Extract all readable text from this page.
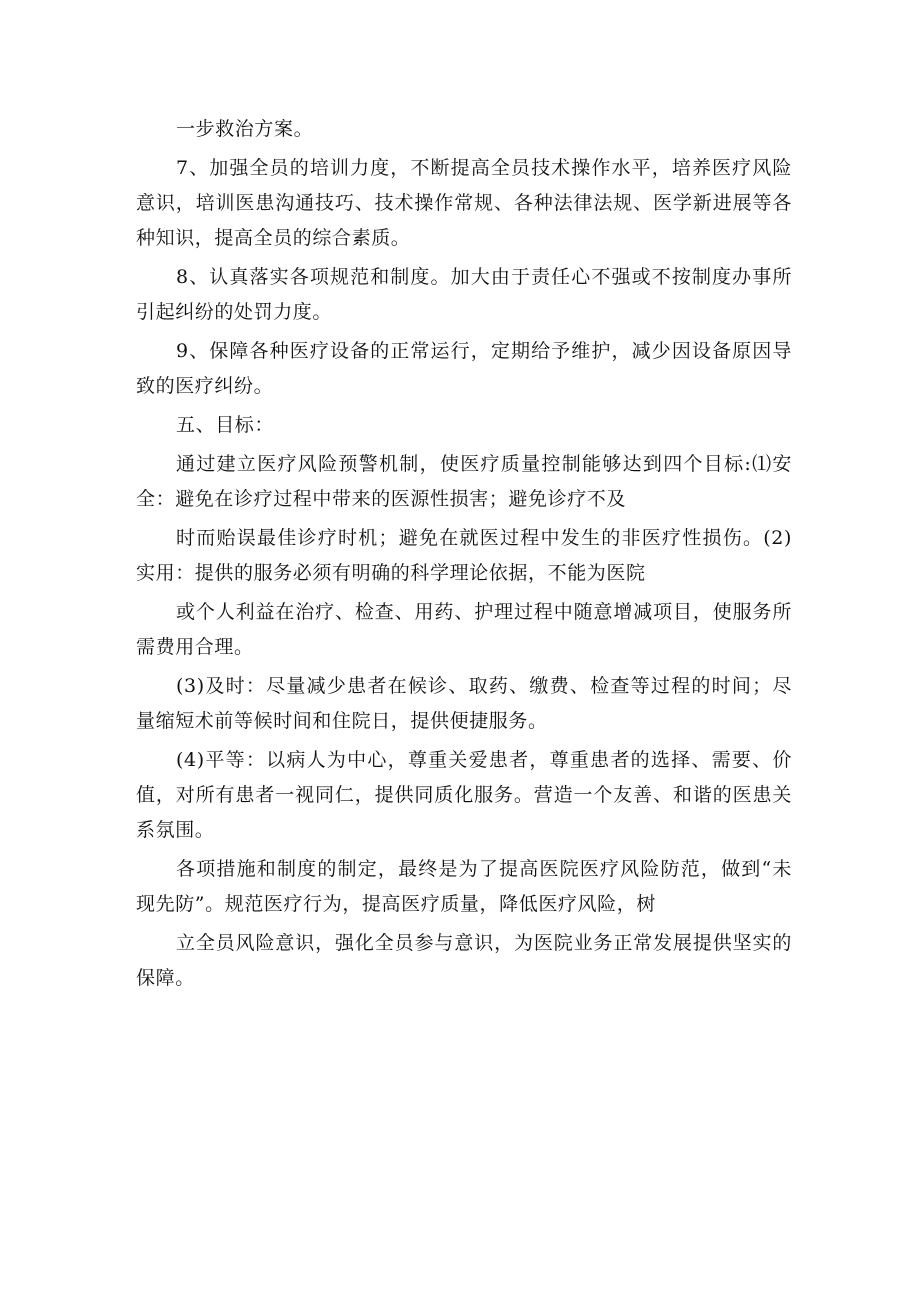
一步救治方案。

7、加强全员的培训力度，不断提高全员技术操作水平，培养医疗风险意识，培训医患沟通技巧、技术操作常规、各种法律法规、医学新进展等各种知识，提高全员的综合素质。

8、认真落实各项规范和制度。加大由于责任心不强或不按制度办事所引起纠纷的处罚力度。

9、保障各种医疗设备的正常运行，定期给予维护，减少因设备原因导致的医疗纠纷。

五、目标：

通过建立医疗风险预警机制，使医疗质量控制能够达到四个目标:⑴安全：避免在诊疗过程中带来的医源性损害；避免诊疗不及

时而贻误最佳诊疗时机；避免在就医过程中发生的非医疗性损伤。(2)实用：提供的服务必须有明确的科学理论依据，不能为医院

或个人利益在治疗、检查、用药、护理过程中随意增减项目，使服务所需费用合理。

(3)及时：尽量减少患者在候诊、取药、缴费、检查等过程的时间；尽量缩短术前等候时间和住院日，提供便捷服务。

(4)平等：以病人为中心，尊重关爱患者，尊重患者的选择、需要、价值，对所有患者一视同仁，提供同质化服务。营造一个友善、和谐的医患关系氛围。

各项措施和制度的制定，最终是为了提高医院医疗风险防范，做到“未现先防”。规范医疗行为，提高医疗质量，降低医疗风险，树

立全员风险意识，强化全员参与意识，为医院业务正常发展提供坚实的保障。
